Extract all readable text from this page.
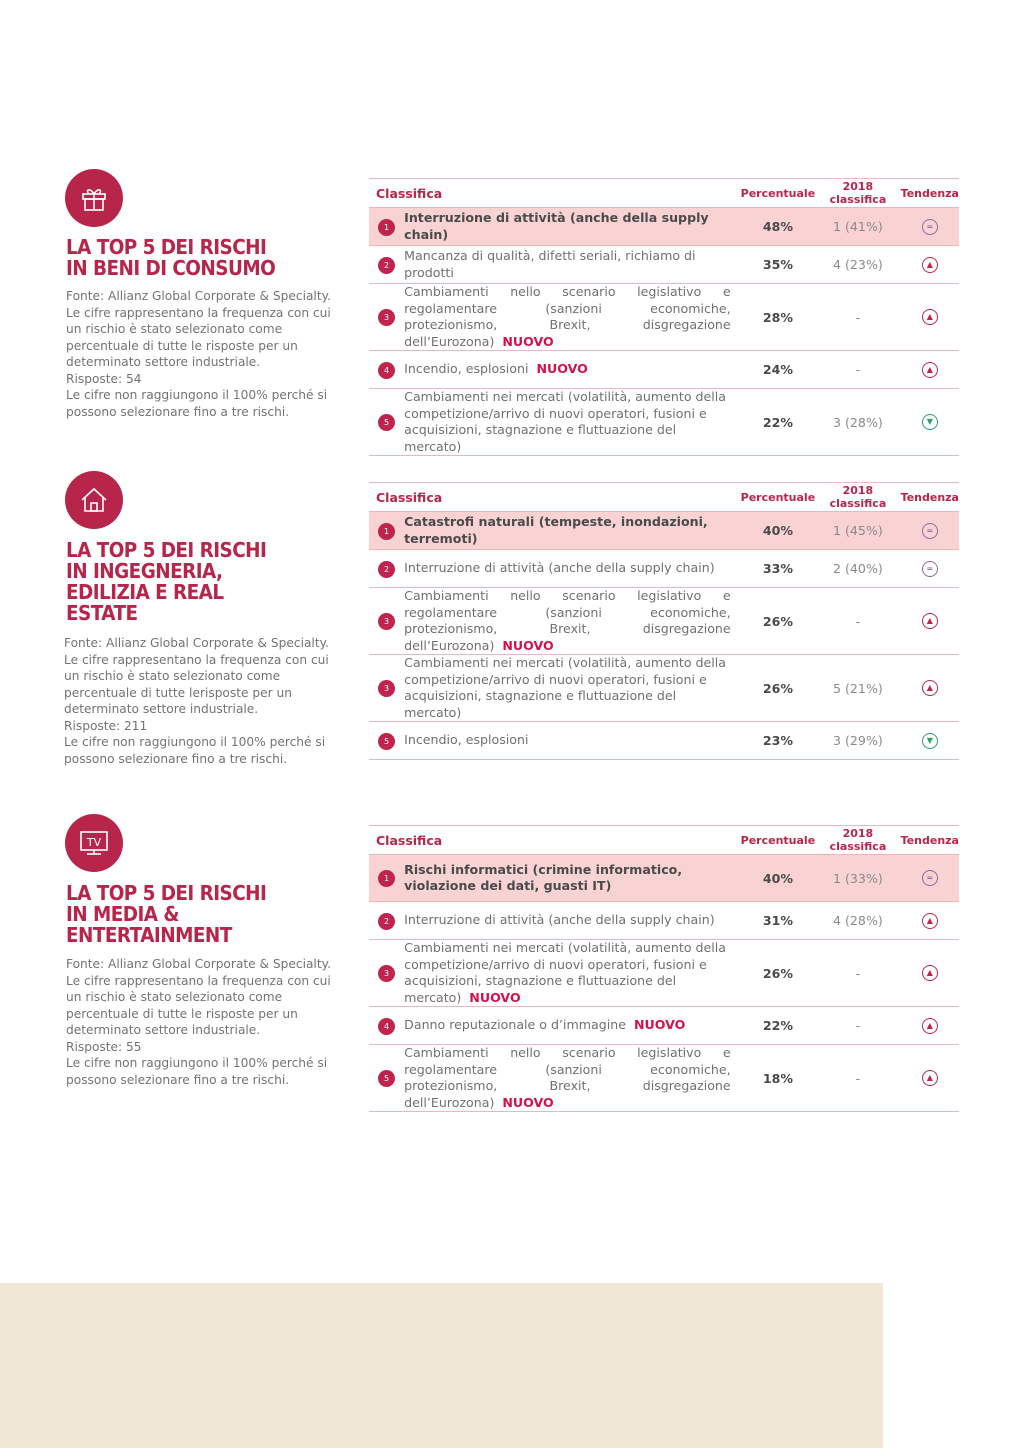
LA TOP 5 DEI RISCHI
IN BENI DI CONSUMO
Fonte: Allianz Global Corporate & Specialty.
Le cifre rappresentano la frequenza con cui un rischio è stato selezionato come percentuale di tutte le risposte per un determinato settore industriale.
Risposte: 54
Le cifre non raggiungono il 100% perché si possono selezionare fino a tre rischi.
Classifica		Percentuale	2018 classifica	Tendenza
1	Interruzione di attività (anche della supply chain)	48%	1 (41%)	=

2	Mancanza di qualità, difetti seriali, richiamo di prodotti	35%	4 (23%)	▲

3	Cambiamenti nello scenario legislativo e regolamentare (sanzioni economiche, protezionismo, Brexit, disgregazione dell’Eurozona) NUOVO	28%	-	▲

4	Incendio, esplosioni NUOVO	24%	-	▲

5	Cambiamenti nei mercati (volatilità, aumento della competizione/arrivo di nuovi operatori, fusioni e acquisizioni, stagnazione e fluttuazione del mercato)	22%	3 (28%)	▼
LA TOP 5 DEI RISCHI
IN INGEGNERIA,
EDILIZIA E REAL
ESTATE
Fonte: Allianz Global Corporate & Specialty.
Le cifre rappresentano la frequenza con cui un rischio è stato selezionato come percentuale di tutte lerisposte per un determinato settore industriale.
Risposte: 211
Le cifre non raggiungono il 100% perché si possono selezionare fino a tre rischi.
Classifica		Percentuale	2018 classifica	Tendenza
1	Catastrofi naturali (tempeste, inondazioni, terremoti)	40%	1 (45%)	=

2	Interruzione di attività (anche della supply chain)	33%	2 (40%)	=

3	Cambiamenti nello scenario legislativo e regolamentare (sanzioni economiche, protezionismo, Brexit, disgregazione dell’Eurozona) NUOVO	26%	-	▲

3	Cambiamenti nei mercati (volatilità, aumento della competizione/arrivo di nuovi operatori, fusioni e acquisizioni, stagnazione e fluttuazione del mercato)	26%	5 (21%)	▲

5	Incendio, esplosioni	23%	3 (29%)	▼
TV
LA TOP 5 DEI RISCHI
IN MEDIA &
ENTERTAINMENT
Fonte: Allianz Global Corporate & Specialty.
Le cifre rappresentano la frequenza con cui un rischio è stato selezionato come percentuale di tutte le risposte per un determinato settore industriale.
Risposte: 55
Le cifre non raggiungono il 100% perché si possono selezionare fino a tre rischi.
Classifica		Percentuale	2018 classifica	Tendenza
1	Rischi informatici (crimine informatico, violazione dei dati, guasti IT)	40%	1 (33%)	=

2	Interruzione di attività (anche della supply chain)	31%	4 (28%)	▲

3	Cambiamenti nei mercati (volatilità, aumento della competizione/arrivo di nuovi operatori, fusioni e acquisizioni, stagnazione e fluttuazione del mercato) NUOVO	26%	-	▲

4	Danno reputazionale o d’immagine NUOVO	22%	-	▲

5	Cambiamenti nello scenario legislativo e regolamentare (sanzioni economiche, protezionismo, Brexit, disgregazione dell’Eurozona) NUOVO	18%	-	▲
